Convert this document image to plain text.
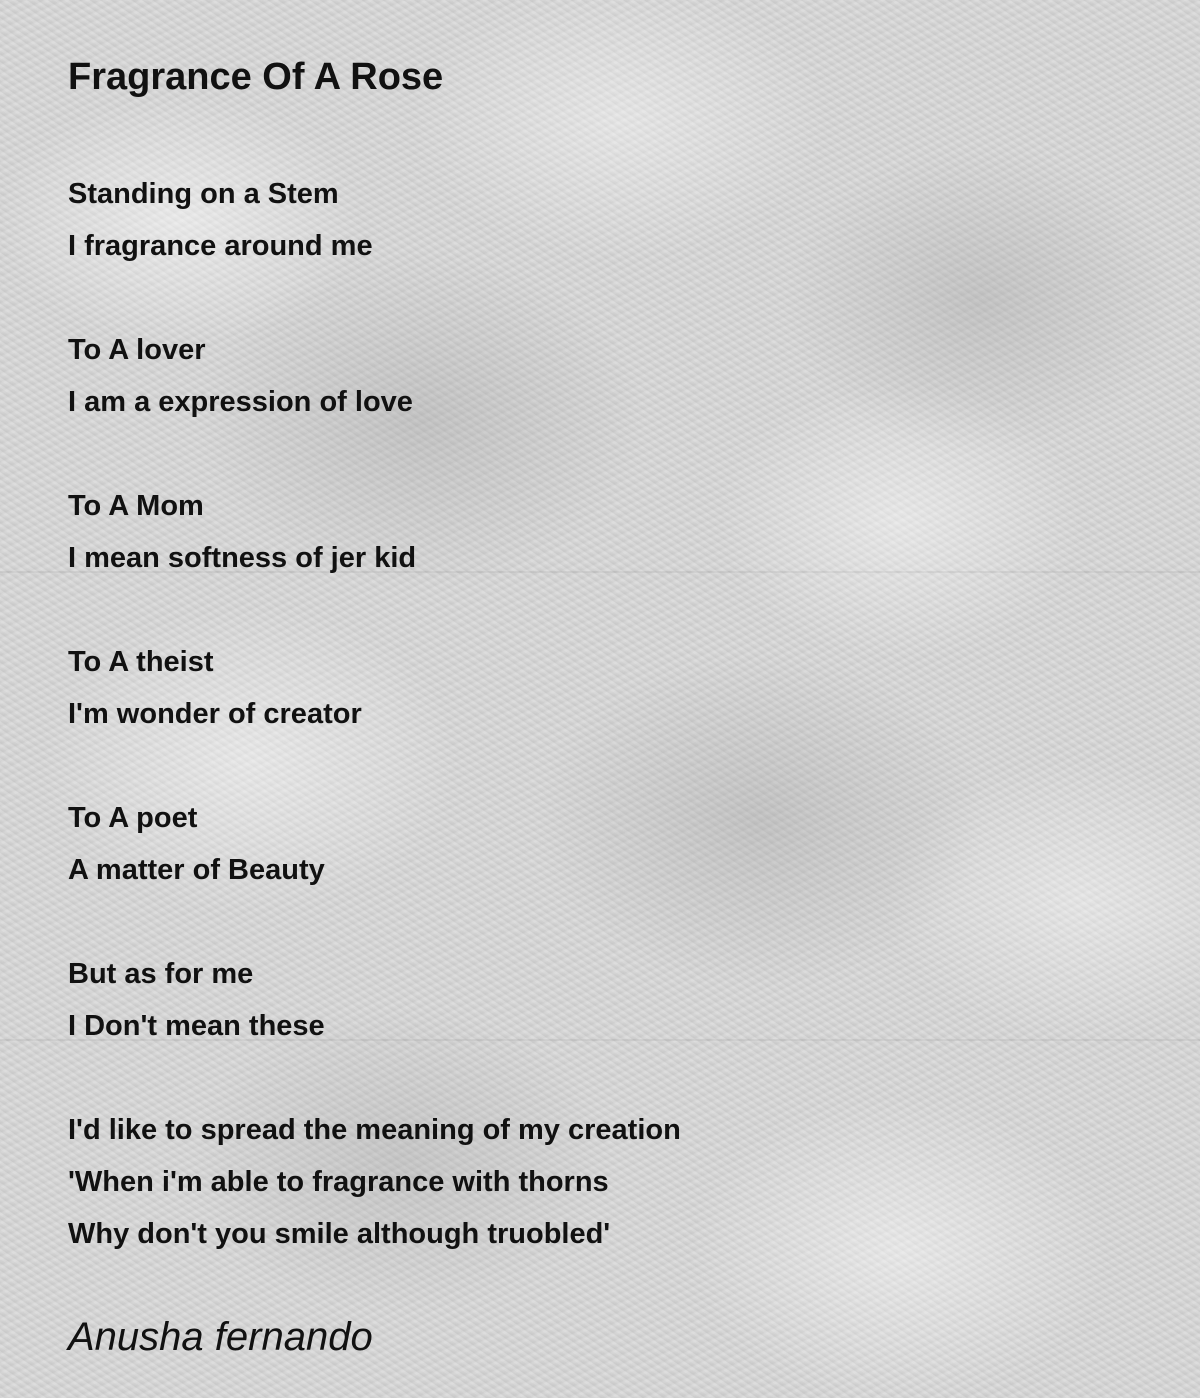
Fragrance Of A Rose
Standing on a Stem
I fragrance around me
To A lover
I am a expression of love
To A Mom
I mean softness of jer kid
To A theist
I'm wonder of creator
To A poet
A matter of Beauty
But as for me
I Don't mean these
I'd like to spread the meaning of my creation
'When i'm able to fragrance with thorns
Why don't you smile although truobled'
Anusha fernando
